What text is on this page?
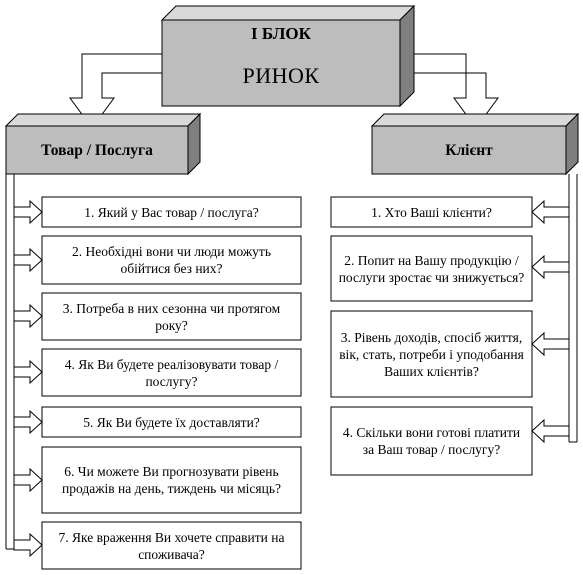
І БЛОК
РИНОК
Товар / Послуга	Клієнт
1. Який у Вас товар / послуга?
2. Необхідні вони чи люди можуть обійтися без них?
3. Потреба в них сезонна чи протягом року?
4. Як Ви будете реалізовувати товар / послугу?
5. Як Ви будете їх доставляти?
6. Чи можете Ви прогнозувати рівень продажів на день, тиждень чи місяць?
7. Яке враження Ви хочете справити на споживача?
1. Хто Ваші клієнти?
2. Попит на Вашу продукцію / послуги зростає чи знижується?
3. Рівень доходів, спосіб життя, вік, стать, потреби і уподобання Ваших клієнтів?
4. Скільки вони готові платити за Ваш товар / послугу?
